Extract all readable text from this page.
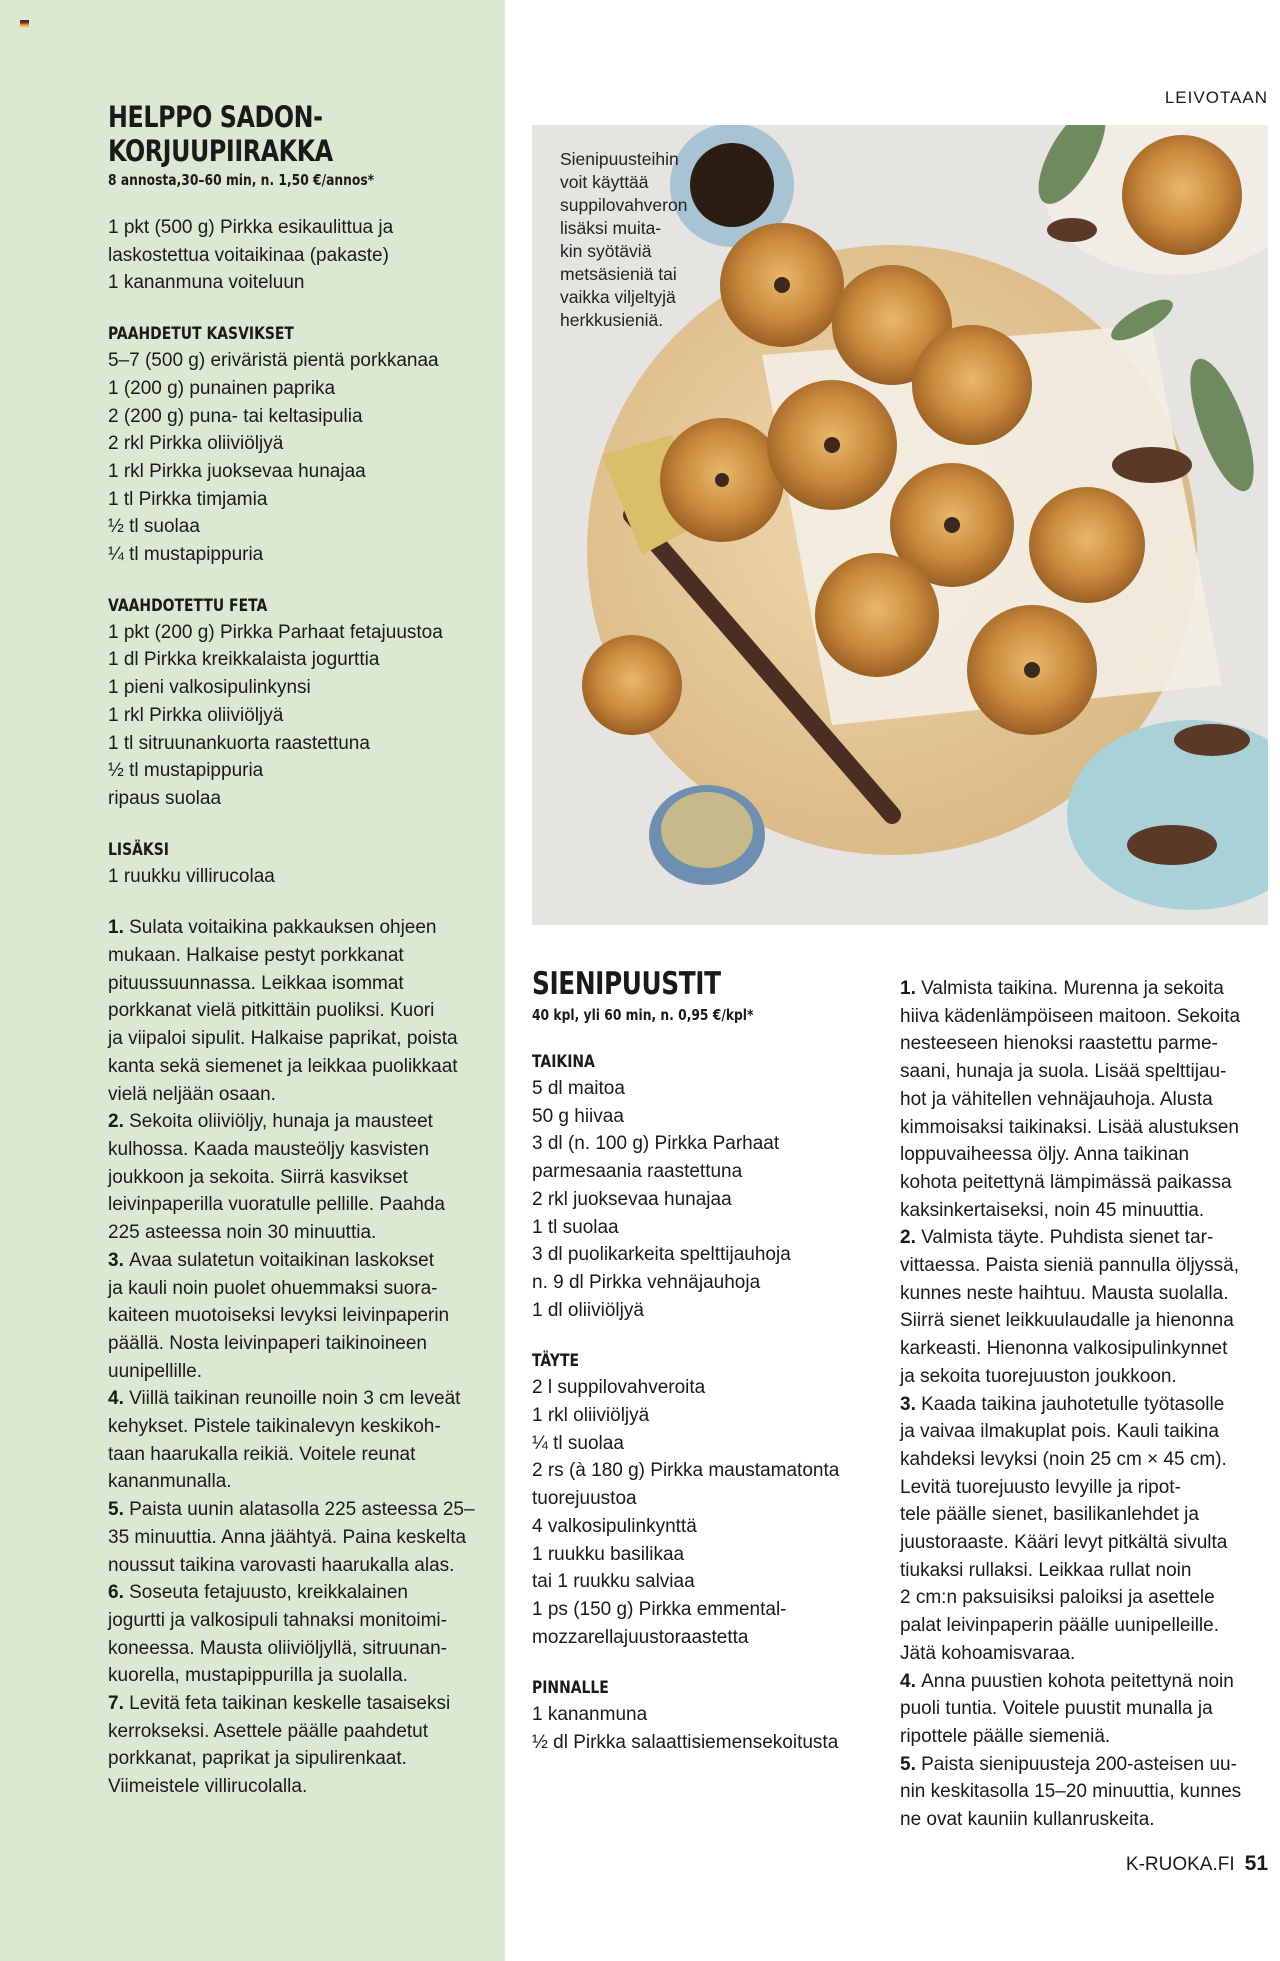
LEIVOTAAN
HELPPO SADON-
KORJUUPIIRAKKA
8 annosta,30–60 min, n. 1,50 €/annos*
1 pkt (500 g) Pirkka esikaulittua ja
laskostettua voitaikinaa (pakaste)
1 kananmuna voiteluun
PAAHDETUT KASVIKSET
5–7 (500 g) eriväristä pientä porkkanaa
1 (200 g) punainen paprika
2 (200 g) puna- tai keltasipulia
2 rkl Pirkka oliiviöljyä
1 rkl Pirkka juoksevaa hunajaa
1 tl Pirkka timjamia
½ tl suolaa
¼ tl mustapippuria
VAAHDOTETTU FETA
1 pkt (200 g) Pirkka Parhaat fetajuustoa
1 dl Pirkka kreikkalaista jogurttia
1 pieni valkosipulinkynsi
1 rkl Pirkka oliiviöljyä
1 tl sitruunankuorta raastettuna
½ tl mustapippuria
ripaus suolaa
LISÄKSI
1 ruukku villirucolaa
1. Sulata voitaikina pakkauksen ohjeen
mukaan. Halkaise pestyt porkkanat
pituussuunnassa. Leikkaa isommat
porkkanat vielä pitkittäin puoliksi. Kuori
ja viipaloi sipulit. Halkaise paprikat, poista
kanta sekä siemenet ja leikkaa puolikkaat
vielä neljään osaan.
2. Sekoita oliiviöljy, hunaja ja mausteet
kulhossa. Kaada mausteöljy kasvisten
joukkoon ja sekoita. Siirrä kasvikset
leivinpaperilla vuoratulle pellille. Paahda
225 asteessa noin 30 minuuttia.
3. Avaa sulatetun voitaikinan laskokset
ja kauli noin puolet ohuemmaksi suora-
kaiteen muotoiseksi levyksi leivinpaperin
päällä. Nosta leivinpaperi taikinoineen
uunipellille.
4. Viillä taikinan reunoille noin 3 cm leveät
kehykset. Pistele taikinalevyn keskikoh-
taan haarukalla reikiä. Voitele reunat
kananmunalla.
5. Paista uunin alatasolla 225 asteessa 25–
35 minuuttia. Anna jäähtyä. Paina keskelta
noussut taikina varovasti haarukalla alas.
6. Soseuta fetajuusto, kreikkalainen
jogurtti ja valkosipuli tahnaksi monitoimi-
koneessa. Mausta oliiviöljyllä, sitruunan-
kuorella, mustapippurilla ja suolalla.
7. Levitä feta taikinan keskelle tasaiseksi
kerrokseksi. Asettele päälle paahdetut
porkkanat, paprikat ja sipulirenkaat.
Viimeistele villirucolalla.
Sienipuusteihin
voit käyttää
suppilovahveron
lisäksi muita-
kin syötäviä
metsäsieniä tai
vaikka viljeltyjä
herkkusieniä.
SIENIPUUSTIT
40 kpl, yli 60 min, n. 0,95 €/kpl*
TAIKINA
5 dl maitoa
50 g hiivaa
3 dl (n. 100 g) Pirkka Parhaat
parmesaania raastettuna
2 rkl juoksevaa hunajaa
1 tl suolaa
3 dl puolikarkeita spelttijauhoja
n. 9 dl Pirkka vehnäjauhoja
1 dl oliiviöljyä
TÄYTE
2 l suppilovahveroita
1 rkl oliiviöljyä
¼ tl suolaa
2 rs (à 180 g) Pirkka maustamatonta
tuorejuustoa
4 valkosipulinkynttä
1 ruukku basilikaa
tai 1 ruukku salviaa
1 ps (150 g) Pirkka emmental-
mozzarellajuustoraastetta
PINNALLE
1 kananmuna
½ dl Pirkka salaattisiemensekoitusta
1. Valmista taikina. Murenna ja sekoita
hiiva kädenlämpöiseen maitoon. Sekoita
nesteeseen hienoksi raastettu parme-
saani, hunaja ja suola. Lisää spelttijau-
hot ja vähitellen vehnäjauhoja. Alusta
kimmoisaksi taikinaksi. Lisää alustuksen
loppuvaiheessa öljy. Anna taikinan
kohota peitettynä lämpimässä paikassa
kaksinkertaiseksi, noin 45 minuuttia.
2. Valmista täyte. Puhdista sienet tar-
vittaessa. Paista sieniä pannulla öljyssä,
kunnes neste haihtuu. Mausta suolalla.
Siirrä sienet leikkuulaudalle ja hienonna
karkeasti. Hienonna valkosipulinkynnet
ja sekoita tuorejuuston joukkoon.
3. Kaada taikina jauhotetulle työtasolle
ja vaivaa ilmakuplat pois. Kauli taikina
kahdeksi levyksi (noin 25 cm × 45 cm).
Levitä tuorejuusto levyille ja ripot-
tele päälle sienet, basilikanlehdet ja
juustoraaste. Kääri levyt pitkältä sivulta
tiukaksi rullaksi. Leikkaa rullat noin
2 cm:n paksuisiksi paloiksi ja asettele
palat leivinpaperin päälle uunipelleille.
Jätä kohoamisvaraa.
4. Anna puustien kohota peitettynä noin
puoli tuntia. Voitele puustit munalla ja
ripottele päälle siemeniä.
5. Paista sienipuusteja 200-asteisen uu-
nin keskitasolla 15–20 minuuttia, kunnes
ne ovat kauniin kullanruskeita.
K-RUOKA.FI 51
